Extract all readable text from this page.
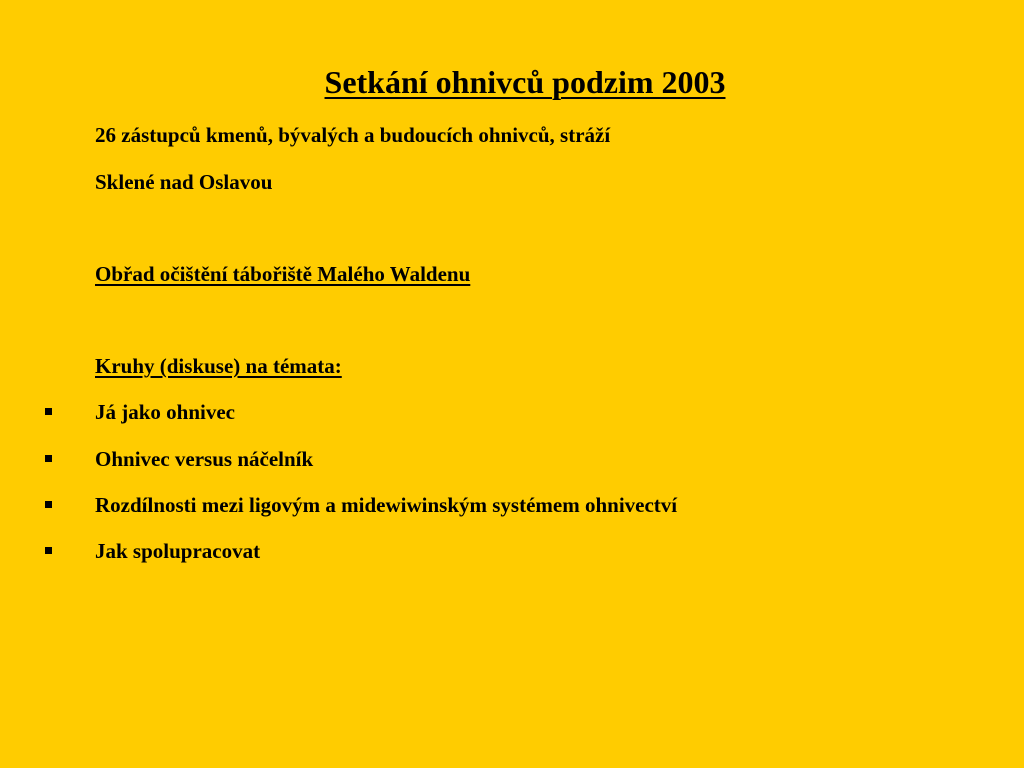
Setkání ohnivců podzim 2003
26 zástupců kmenů, bývalých a budoucích ohnivců, stráží
Sklené nad Oslavou
Obřad očištění tábořiště Malého Waldenu
Kruhy (diskuse) na témata:
Já jako ohnivec
Ohnivec versus náčelník
Rozdílnosti mezi ligovým a midewiwinským systémem ohnivectví
Jak spolupracovat
